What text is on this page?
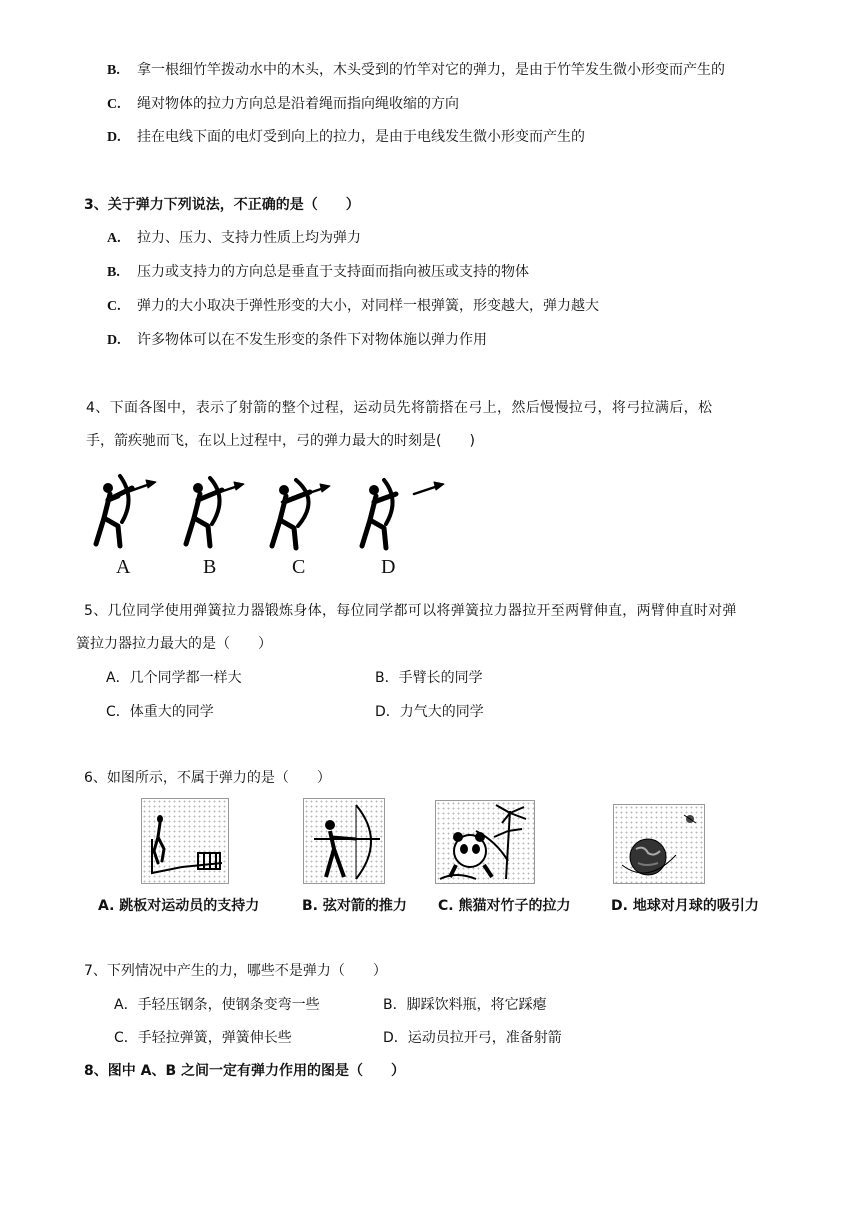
B. 拿一根细竹竿拨动水中的木头，木头受到的竹竿对它的弹力，是由于竹竿发生微小形变而产生的
C. 绳对物体的拉力方向总是沿着绳而指向绳收缩的方向
D. 挂在电线下面的电灯受到向上的拉力，是由于电线发生微小形变而产生的
3、关于弹力下列说法，不正确的是（　　）
A. 拉力、压力、支持力性质上均为弹力
B. 压力或支持力的方向总是垂直于支持面而指向被压或支持的物体
C. 弹力的大小取决于弹性形变的大小，对同样一根弹簧，形变越大，弹力越大
D. 许多物体可以在不发生形变的条件下对物体施以弹力作用
4、下面各图中，表示了射箭的整个过程，运动员先将箭搭在弓上，然后慢慢拉弓，将弓拉满后，松
手，箭疾驰而飞，在以上过程中，弓的弹力最大的时刻是(　　)
A	B	C	D
5、几位同学使用弹簧拉力器锻炼身体，每位同学都可以将弹簧拉力器拉开至两臂伸直，两臂伸直时对弹
簧拉力器拉力最大的是（　　）
A．几个同学都一样大	B．手臂长的同学
C．体重大的同学	D．力气大的同学
6、如图所示，不属于弹力的是（　　）
A. 跳板对运动员的支持力	B. 弦对箭的推力 C. 熊猫对竹子的拉力	D. 地球对月球的吸引力
7、下列情况中产生的力，哪些不是弹力（　　）
A．手轻压钢条，使钢条变弯一些	B．脚踩饮料瓶，将它踩瘪
C．手轻拉弹簧，弹簧伸长些	D．运动员拉开弓，准备射箭
8、图中 A、B 之间一定有弹力作用的图是（　　）
